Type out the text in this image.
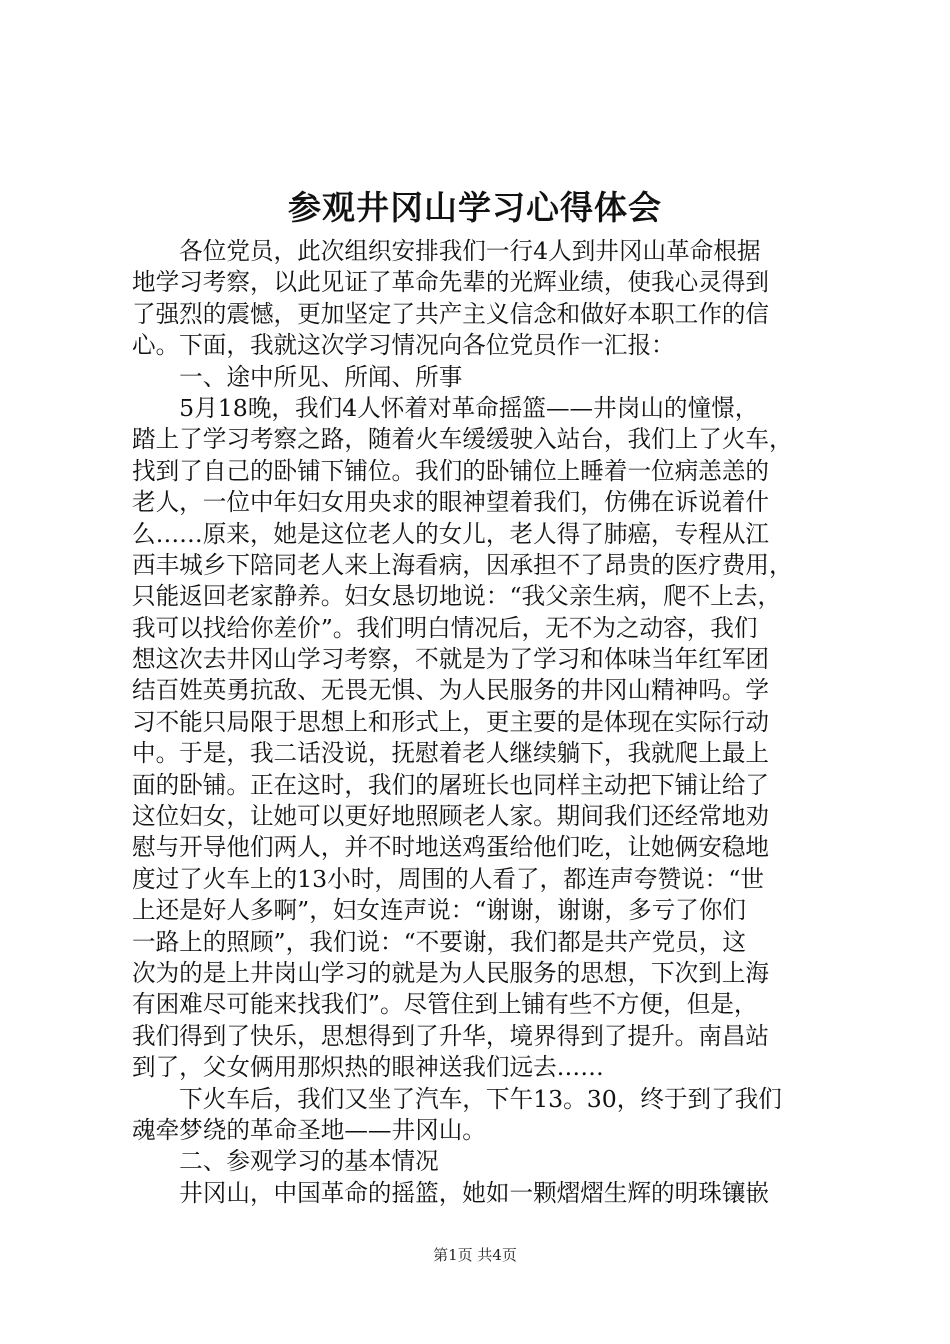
参观井冈山学习心得体会
　　各位党员，此次组织安排我们一行4人到井冈山革命根据
地学习考察，以此见证了革命先辈的光辉业绩，使我心灵得到
了强烈的震憾，更加坚定了共产主义信念和做好本职工作的信
心。下面，我就这次学习情况向各位党员作一汇报：
　　一、途中所见、所闻、所事
　　5月18晚，我们4人怀着对革命摇篮——井岗山的憧憬，
踏上了学习考察之路，随着火车缓缓驶入站台，我们上了火车，
找到了自己的卧铺下铺位。我们的卧铺位上睡着一位病恙恙的
老人，一位中年妇女用央求的眼神望着我们，仿佛在诉说着什
么……原来，她是这位老人的女儿，老人得了肺癌，专程从江
西丰城乡下陪同老人来上海看病，因承担不了昂贵的医疗费用，
只能返回老家静养。妇女恳切地说：“我父亲生病，爬不上去，
我可以找给你差价”。我们明白情况后，无不为之动容，我们
想这次去井冈山学习考察，不就是为了学习和体味当年红军团
结百姓英勇抗敌、无畏无惧、为人民服务的井冈山精神吗。学
习不能只局限于思想上和形式上，更主要的是体现在实际行动
中。于是，我二话没说，抚慰着老人继续躺下，我就爬上最上
面的卧铺。正在这时，我们的屠班长也同样主动把下铺让给了
这位妇女，让她可以更好地照顾老人家。期间我们还经常地劝
慰与开导他们两人，并不时地送鸡蛋给他们吃，让她俩安稳地
度过了火车上的13小时，周围的人看了，都连声夸赞说：“世
上还是好人多啊”，妇女连声说：“谢谢，谢谢，多亏了你们
一路上的照顾”，我们说：“不要谢，我们都是共产党员，这
次为的是上井岗山学习的就是为人民服务的思想，下次到上海
有困难尽可能来找我们”。尽管住到上铺有些不方便，但是，
我们得到了快乐，思想得到了升华，境界得到了提升。南昌站
到了，父女俩用那炽热的眼神送我们远去……
　　下火车后，我们又坐了汽车，下午13。30，终于到了我们
魂牵梦绕的革命圣地——井冈山。
　　二、参观学习的基本情况
　　井冈山，中国革命的摇篮，她如一颗熠熠生辉的明珠镶嵌
第1页 共4页
